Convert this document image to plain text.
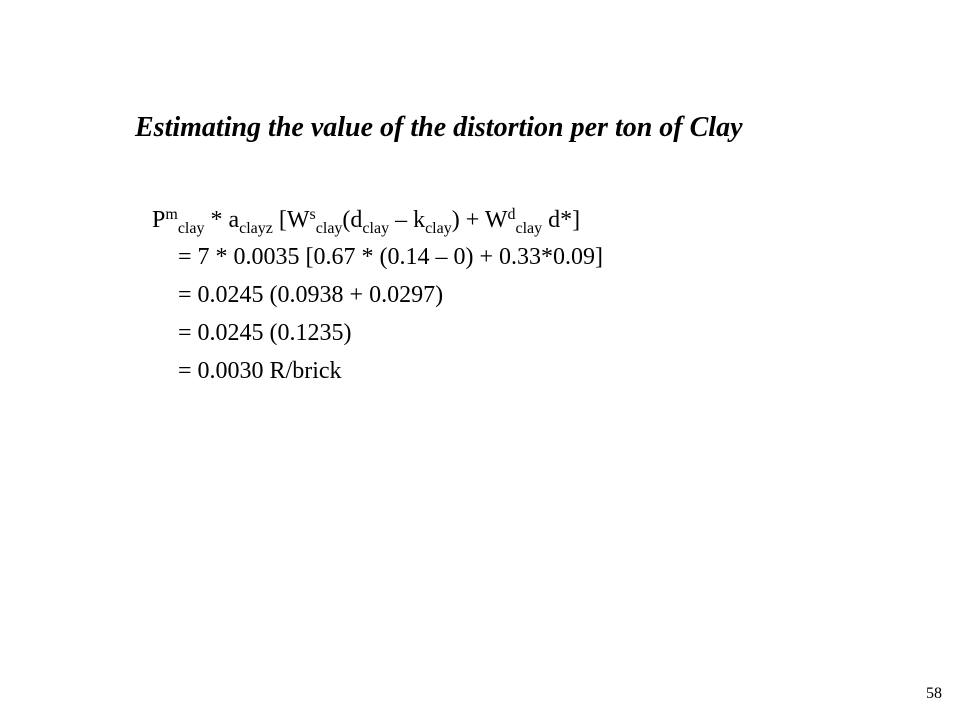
Estimating the value of the distortion per ton of Clay
$P^m_{clay} * a_{clayz}$ [$W^s_{clay}(d_{clay} - k_{clay}) + W^d_{clay}$ d*]
= 7 * 0.0035 [0.67 * (0.14 – 0) + 0.33*0.09]
= 0.0245 (0.0938 + 0.0297)
= 0.0245 (0.1235)
= 0.0030 R/brick
58
